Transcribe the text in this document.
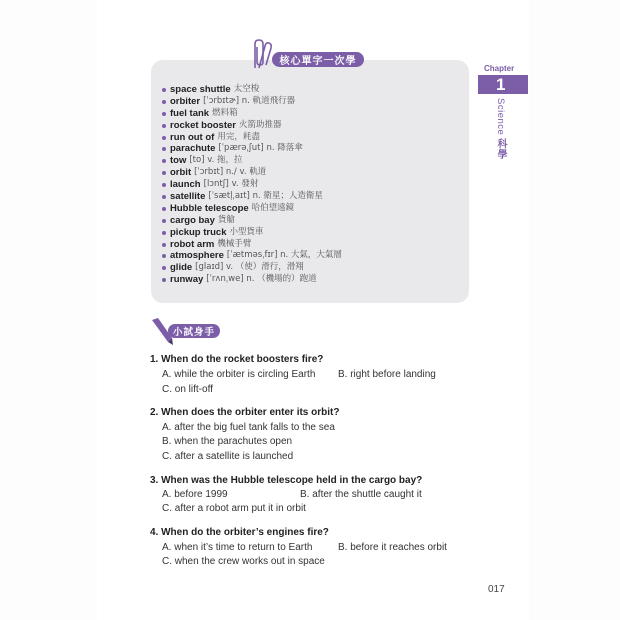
核心單字一次學
space shuttle 太空梭
orbiter [ˈɔrbɪtɚ] n. 軌道飛行器
fuel tank 燃料箱
rocket booster 火箭助推器
run out of 用完，耗盡
parachute [ˈpærəˌʃut] n. 降落傘
tow [to] v. 拖，拉
orbit [ˈɔrbɪt] n./ v. 軌道
launch [lɔntʃ] v. 發射
satellite [ˈsætl̩ˌaɪt] n. 衛星；人造衛星
Hubble telescope 哈伯望遠鏡
cargo bay 貨艙
pickup truck 小型貨車
robot arm 機械手臂
atmosphere [ˈætməsˌfɪr] n. 大氣，大氣層
glide [glaɪd] v. （使）滑行，滑翔
runway [ˈrʌnˌwe] n. （機場的）跑道
Chapter
1
Science 科學
小試身手
1. When do the rocket boosters fire?
A. while the orbiter is circling Earth B. right before landing
C. on lift-off
2. When does the orbiter enter its orbit?
A. after the big fuel tank falls to the sea
B. when the parachutes open
C. after a satellite is launched
3. When was the Hubble telescope held in the cargo bay?
A. before 1999	B. after the shuttle caught it
C. after a robot arm put it in orbit
4. When do the orbiter’s engines fire?
A. when it’s time to return to Earth	B. before it reaches orbit
C. when the crew works out in space
017
